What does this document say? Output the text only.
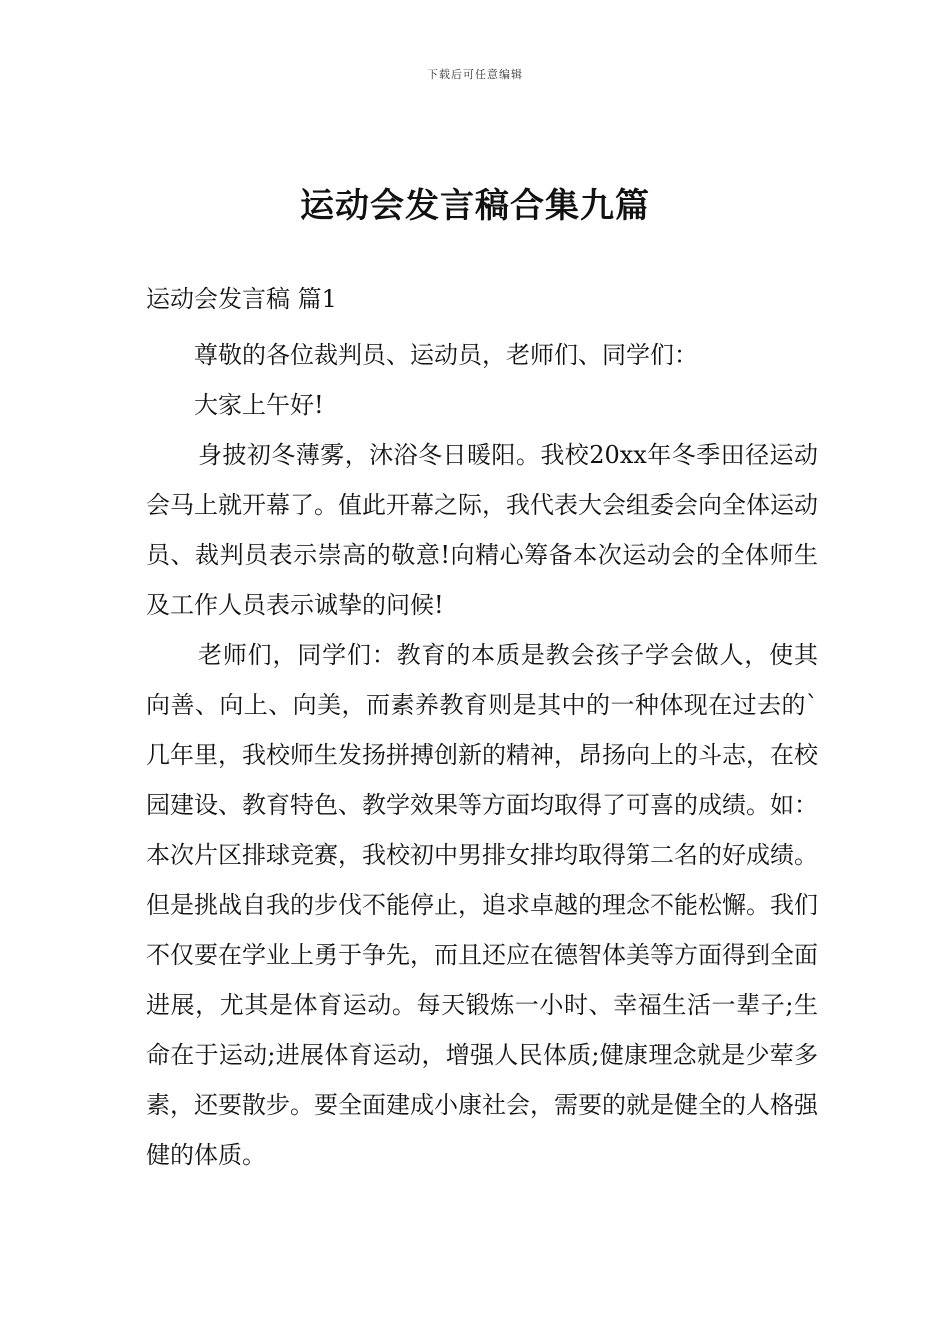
下载后可任意编辑
运动会发言稿合集九篇
运动会发言稿 篇1

尊敬的各位裁判员、运动员，老师们、同学们：

大家上午好!

身披初冬薄雾，沐浴冬日暖阳。我校20xx年冬季田径运动会马上就开幕了。值此开幕之际，我代表大会组委会向全体运动员、裁判员表示崇高的敬意!向精心筹备本次运动会的全体师生及工作人员表示诚挚的问候!

老师们，同学们：教育的本质是教会孩子学会做人，使其向善、向上、向美，而素养教育则是其中的一种体现在过去的`几年里，我校师生发扬拼搏创新的精神，昂扬向上的斗志，在校园建设、教育特色、教学效果等方面均取得了可喜的成绩。如：本次片区排球竞赛，我校初中男排女排均取得第二名的好成绩。但是挑战自我的步伐不能停止，追求卓越的理念不能松懈。我们不仅要在学业上勇于争先，而且还应在德智体美等方面得到全面进展，尤其是体育运动。每天锻炼一小时、幸福生活一辈子;生命在于运动;进展体育运动，增强人民体质;健康理念就是少荤多素，还要散步。要全面建成小康社会，需要的就是健全的人格强健的体质。
